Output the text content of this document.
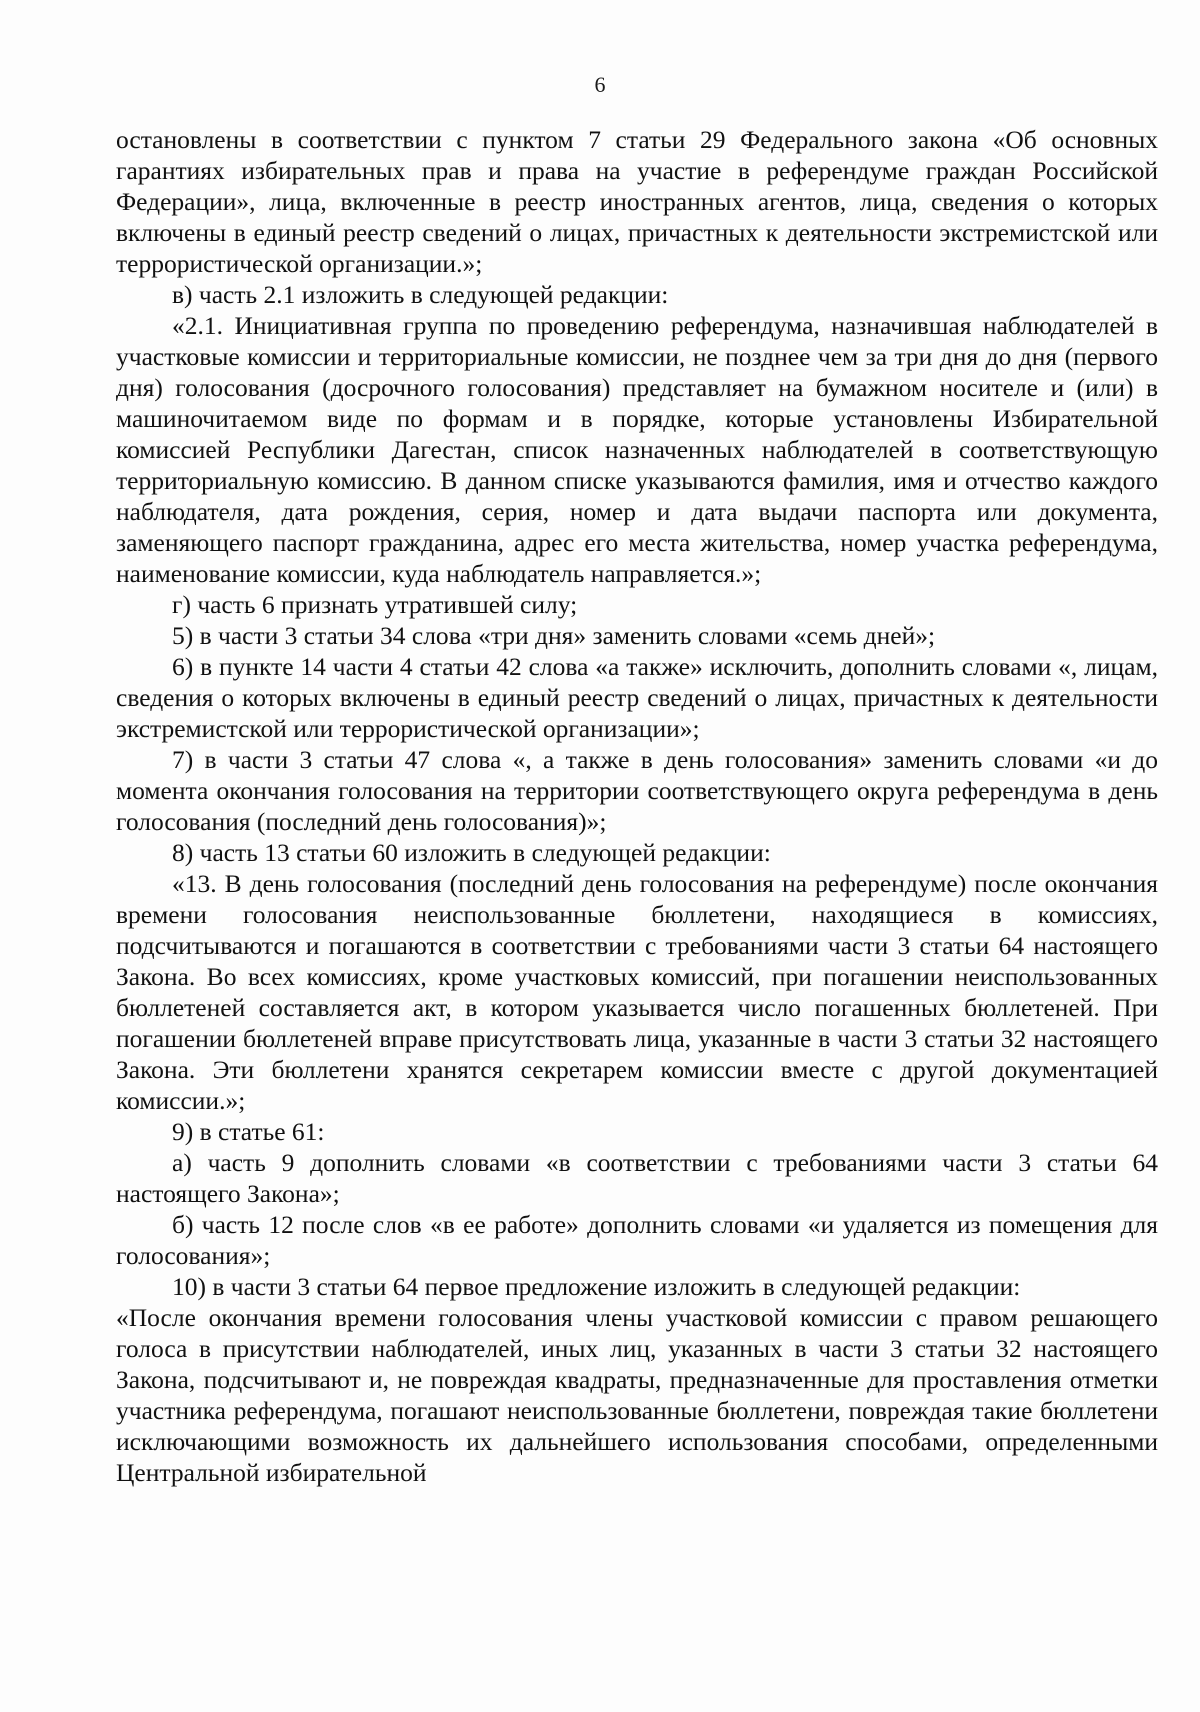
6

остановлены в соответствии с пунктом 7 статьи 29 Федерального закона «Об основных гарантиях избирательных прав и права на участие в референдуме граждан Российской Федерации», лица, включенные в реестр иностранных агентов, лица, сведения о которых включены в единый реестр сведений о лицах, причастных к деятельности экстремистской или террористической организации.»;

в) часть 2.1 изложить в следующей редакции:

«2.1. Инициативная группа по проведению референдума, назначившая наблюдателей в участковые комиссии и территориальные комиссии, не позднее чем за три дня до дня (первого дня) голосования (досрочного голосования) представляет на бумажном носителе и (или) в машиночитаемом виде по формам и в порядке, которые установлены Избирательной комиссией Республики Дагестан, список назначенных наблюдателей в соответствующую территориальную комиссию. В данном списке указываются фамилия, имя и отчество каждого наблюдателя, дата рождения, серия, номер и дата выдачи паспорта или документа, заменяющего паспорт гражданина, адрес его места жительства, номер участка референдума, наименование комиссии, куда наблюдатель направляется.»;

г) часть 6 признать утратившей силу;

5) в части 3 статьи 34 слова «три дня» заменить словами «семь дней»;

6) в пункте 14 части 4 статьи 42 слова «а также» исключить, дополнить словами «, лицам, сведения о которых включены в единый реестр сведений о лицах, причастных к деятельности экстремистской или террористической организации»;

7) в части 3 статьи 47 слова «, а также в день голосования» заменить словами «и до момента окончания голосования на территории соответствующего округа референдума в день голосования (последний день голосования)»;

8) часть 13 статьи 60 изложить в следующей редакции:

«13. В день голосования (последний день голосования на референдуме) после окончания времени голосования неиспользованные бюллетени, находящиеся в комиссиях, подсчитываются и погашаются в соответствии с требованиями части 3 статьи 64 настоящего Закона. Во всех комиссиях, кроме участковых комиссий, при погашении неиспользованных бюллетеней составляется акт, в котором указывается число погашенных бюллетеней. При погашении бюллетеней вправе присутствовать лица, указанные в части 3 статьи 32 настоящего Закона. Эти бюллетени хранятся секретарем комиссии вместе с другой документацией комиссии.»;

9) в статье 61:

а) часть 9 дополнить словами «в соответствии с требованиями части 3 статьи 64 настоящего Закона»;

б) часть 12 после слов «в ее работе» дополнить словами «и удаляется из помещения для голосования»;

10) в части 3 статьи 64 первое предложение изложить в следующей редакции:

«После окончания времени голосования члены участковой комиссии с правом решающего голоса в присутствии наблюдателей, иных лиц, указанных в части 3 статьи 32 настоящего Закона, подсчитывают и, не повреждая квадраты, предназначенные для проставления отметки участника референдума, погашают неиспользованные бюллетени, повреждая такие бюллетени исключающими возможность их дальнейшего использования способами, определенными Центральной избирательной
